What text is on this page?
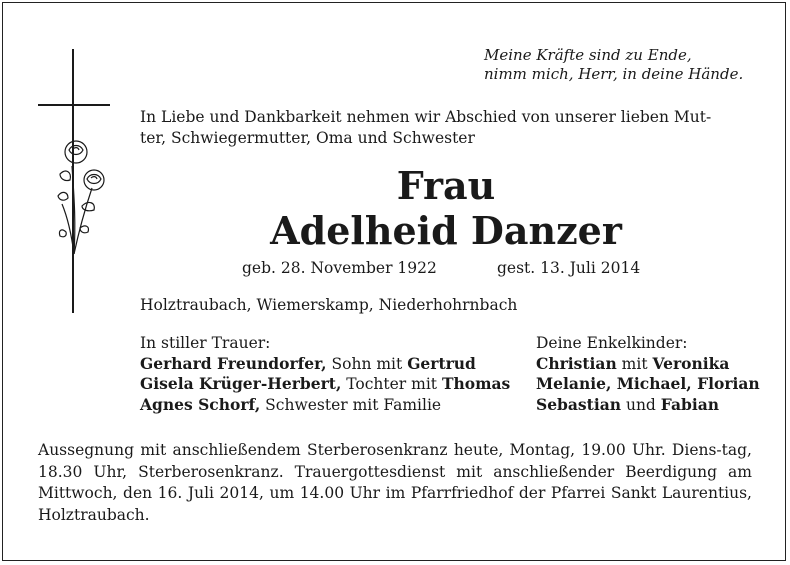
Meine Kräfte sind zu Ende,
nimm mich, Herr, in deine Hände.
In Liebe und Dankbarkeit nehmen wir Abschied von unserer lieben Mut-
ter, Schwiegermutter, Oma und Schwester
Frau
Adelheid Danzer
geb. 28. November 1922	gest. 13. Juli 2014
Holztraubach, Wiemerskamp, Niederhohrnbach
In stiller Trauer:
Gerhard Freundorfer, Sohn mit Gertrud
Gisela Krüger-Herbert, Tochter mit Thomas
Agnes Schorf, Schwester mit Familie
Deine Enkelkinder:
Christian mit Veronika
Melanie, Michael, Florian
Sebastian und Fabian
Aussegnung mit anschließendem Sterberosenkranz heute, Montag, 19.00 Uhr. Diens-tag, 18.30 Uhr, Sterberosenkranz. Trauergottesdienst mit anschließender Beerdigung am Mittwoch, den 16. Juli 2014, um 14.00 Uhr im Pfarrfriedhof der Pfarrei Sankt Laurentius, Holztraubach.
